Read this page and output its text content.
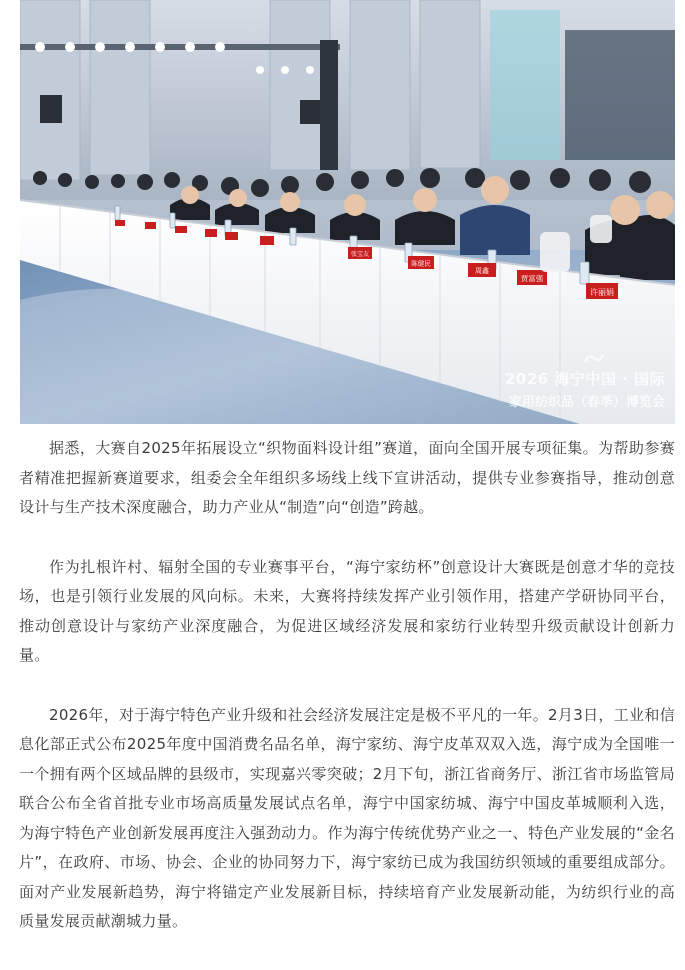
张宝友
陈健民
周鑫
贾富强
许丽娟
2026 海宁中国 · 国际
家用纺织品（春季）博览会

据悉，大赛自2025年拓展设立“织物面料设计组”赛道，面向全国开展专项征集。为帮助参赛者精准把握新赛道要求，组委会全年组织多场线上线下宣讲活动，提供专业参赛指导，推动创意设计与生产技术深度融合，助力产业从“制造”向“创造”跨越。

作为扎根许村、辐射全国的专业赛事平台，“海宁家纺杯”创意设计大赛既是创意才华的竞技场，也是引领行业发展的风向标。未来，大赛将持续发挥产业引领作用，搭建产学研协同平台，推动创意设计与家纺产业深度融合，为促进区域经济发展和家纺行业转型升级贡献设计创新力量。

2026年，对于海宁特色产业升级和社会经济发展注定是极不平凡的一年。2月3日，工业和信息化部正式公布2025年度中国消费名品名单，海宁家纺、海宁皮革双双入选，海宁成为全国唯一一个拥有两个区域品牌的县级市，实现嘉兴零突破；2月下旬，浙江省商务厅、浙江省市场监管局联合公布全省首批专业市场高质量发展试点名单，海宁中国家纺城、海宁中国皮革城顺利入选，为海宁特色产业创新发展再度注入强劲动力。作为海宁传统优势产业之一、特色产业发展的“金名片”，在政府、市场、协会、企业的协同努力下，海宁家纺已成为我国纺织领域的重要组成部分。面对产业发展新趋势，海宁将锚定产业发展新目标，持续培育产业发展新动能，为纺织行业的高质量发展贡献潮城力量。
